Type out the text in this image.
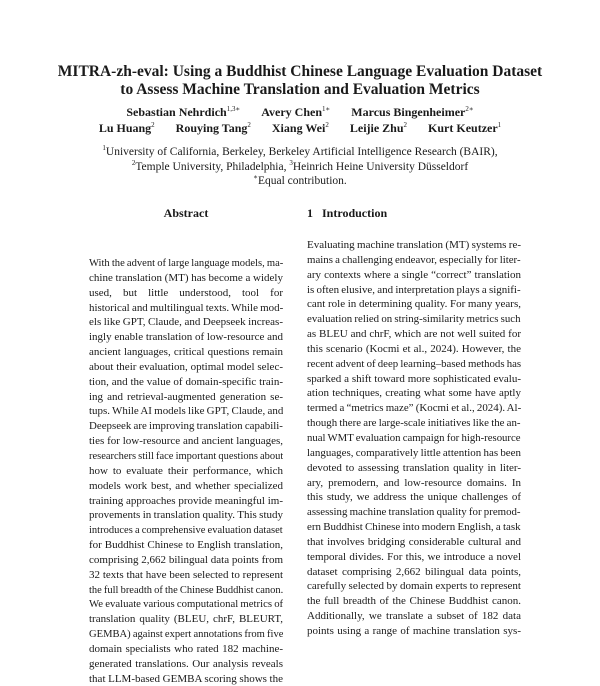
MITRA-zh-eval: Using a Buddhist Chinese Language Evaluation Dataset
to Assess Machine Translation and Evaluation Metrics
Sebastian Nehrdich$^{1,3∗}$ Avery Chen$^{1∗}$ Marcus Bingenheimer$^{2∗}$
Lu Huang$^2$ Rouying Tang$^2$ Xiang Wei$^2$ Leijie Zhu$^2$ Kurt Keutzer$^1$
$^1$University of California, Berkeley, Berkeley Artificial Intelligence Research (BAIR),
$^2$Temple University, Philadelphia, $^3$Heinrich Heine University Düsseldorf
∗Equal contribution.
Abstract	1 Introduction
With the advent of large language models, ma-
chine translation (MT) has become a widely
used, but little understood, tool for
historical and multilingual texts. While mod-
els like GPT, Claude, and Deepseek increas-
ingly enable translation of low-resource and
ancient languages, critical questions remain
about their evaluation, optimal model selec-
tion, and the value of domain-specific train-
ing and retrieval-augmented generation se-
tups. While AI models like GPT, Claude, and
Deepseek are improving translation capabili-
ties for low-resource and ancient languages,
researchers still face important questions about
how to evaluate their performance, which
models work best, and whether specialized
training approaches provide meaningful im-
provements in translation quality. This study
introduces a comprehensive evaluation dataset
for Buddhist Chinese to English translation,
comprising 2,662 bilingual data points from
32 texts that have been selected to represent
the full breadth of the Chinese Buddhist canon.
We evaluate various computational metrics of
translation quality (BLEU, chrF, BLEURT,
GEMBA) against expert annotations from five
domain specialists who rated 182 machine-
generated translations. Our analysis reveals
that LLM-based GEMBA scoring shows the
Evaluating machine translation (MT) systems re-
mains a challenging endeavor, especially for liter-
ary contexts where a single “correct” translation
is often elusive, and interpretation plays a signifi-
cant role in determining quality. For many years,
evaluation relied on string-similarity metrics such
as BLEU and chrF, which are not well suited for
this scenario (Kocmi et al., 2024). However, the
recent advent of deep learning–based methods has
sparked a shift toward more sophisticated evalu-
ation techniques, creating what some have aptly
termed a “metrics maze” (Kocmi et al., 2024). Al-
though there are large-scale initiatives like the an-
nual WMT evaluation campaign for high-resource
languages, comparatively little attention has been
devoted to assessing translation quality in liter-
ary, premodern, and low-resource domains. In
this study, we address the unique challenges of
assessing machine translation quality for premod-
ern Buddhist Chinese into modern English, a task
that involves bridging considerable cultural and
temporal divides. For this, we introduce a novel
dataset comprising 2,662 bilingual data points,
carefully selected by domain experts to represent
the full breadth of the Chinese Buddhist canon.
Additionally, we translate a subset of 182 data
points using a range of machine translation sys-
